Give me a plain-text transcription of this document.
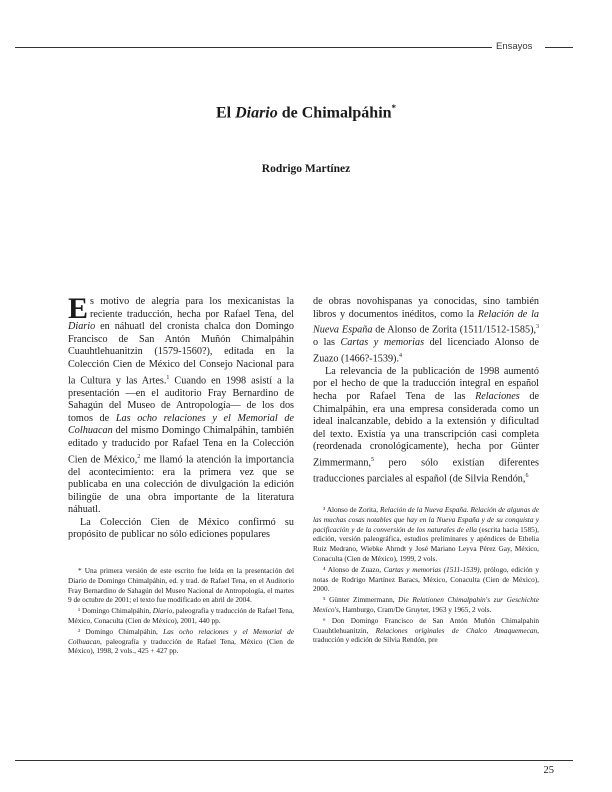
Ensayos
El Diario de Chimalpáhin*
Rodrigo Martínez

Es motivo de alegría para los mexicanistas la reciente traducción, hecha por Rafael Tena, del Diario en náhuatl del cronista chalca don Domingo Francisco de San Antón Muñón Chimalpáhin Cuauhtlehuanitzin (1579-1560?), editada en la Colección Cien de México del Consejo Nacional para la Cultura y las Artes.$^1$ Cuando en 1998 asistí a la presentación —en el auditorio Fray Bernardino de Sahagún del Museo de Antropología— de los dos tomos de Las ocho relaciones y el Memorial de Colhuacan del mismo Domingo Chimalpáhin, también editado y traducido por Rafael Tena en la Colección Cien de México,$^2$ me llamó la atención la importancia del acontecimiento: era la primera vez que se publicaba en una colección de divulgación la edición bilingüe de una obra importante de la literatura náhuatl.

La Colección Cien de México confirmó su propósito de publicar no sólo ediciones populares

de obras novohispanas ya conocidas, sino también libros y documentos inéditos, como la Relación de la Nueva España de Alonso de Zorita (1511/1512-1585),$^3$ o las Cartas y memorias del licenciado Alonso de Zuazo (1466?-1539).$^4$

La relevancia de la publicación de 1998 aumentó por el hecho de que la traducción integral en español hecha por Rafael Tena de las Relaciones de Chimalpáhin, era una empresa considerada como un ideal inalcanzable, debido a la extensión y dificultad del texto. Existía ya una transcripción casi completa (reordenada cronológicamente), hecha por Günter Zimmermann,$^5$ pero sólo existían diferentes traducciones parciales al español (de Silvia Rendón,$^6$

* Una primera versión de este escrito fue leída en la presentación del Diario de Domingo Chimalpáhin, ed. y trad. de Rafael Tena, en el Auditorio Fray Bernardino de Sahagún del Museo Nacional de Antropología, el martes 9 de octubre de 2001; el texto fue modificado en abril de 2004.

¹ Domingo Chimalpáhin, Diario, paleografía y traducción de Rafael Tena, México, Conaculta (Cien de México), 2001, 440 pp.

² Domingo Chimalpáhin, Las ocho relaciones y el Memorial de Colhuacan, paleografía y traducción de Rafael Tena, México (Cien de México), 1998, 2 vols., 425 + 427 pp.

³ Alonso de Zorita, Relación de la Nueva España. Relación de algunas de las muchas cosas notables que hay en la Nueva España y de su conquista y pacificación y de la conversión de los naturales de ella (escrita hacia 1585), edición, versión paleográfica, estudios preliminares y apéndices de Ethelia Ruiz Medrano, Wiebke Ahrndt y José Mariano Leyva Pérez Gay, México, Conaculta (Cien de México), 1999, 2 vols.

⁴ Alonso de Zuazo, Cartas y memorias (1511-1539), prólogo, edición y notas de Rodrigo Martínez Baracs, México, Conaculta (Cien de México), 2000.

⁵ Günter Zimmermann, Die Relationen Chimalpahin's zur Geschichte Mexico's, Hamburgo, Cram/De Gruyter, 1963 y 1965, 2 vols.

⁶ Don Domingo Francisco de San Antón Muñón Chimalpahin Cuauhtlehuanitzin, Relaciones originales de Chalco Amaquemecan, traducción y edición de Silvia Rendón, pre

25
